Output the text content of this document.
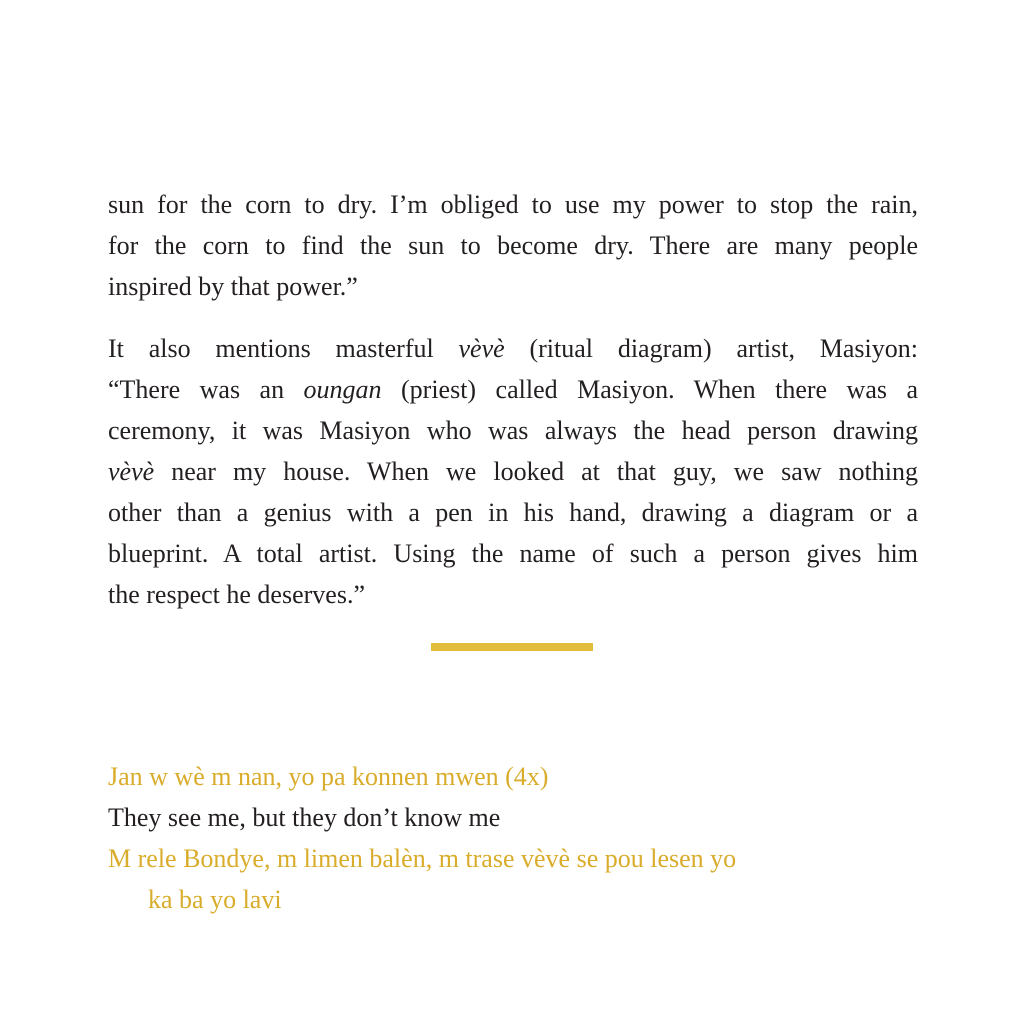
sun for the corn to dry. I’m obliged to use my power to stop the rain,
for the corn to find the sun to become dry. There are many people
inspired by that power.”

It also mentions masterful vèvè (ritual diagram) artist, Masiyon:
“There was an oungan (priest) called Masiyon. When there was a
ceremony, it was Masiyon who was always the head person drawing
vèvè near my house. When we looked at that guy, we saw nothing
other than a genius with a pen in his hand, drawing a diagram or a
blueprint. A total artist. Using the name of such a person gives him
the respect he deserves.”

Jan w wè m nan, yo pa konnen mwen (4x)
They see me, but they don’t know me
M rele Bondye, m limen balèn, m trase vèvè se pou lesen yo
ka ba yo lavi
